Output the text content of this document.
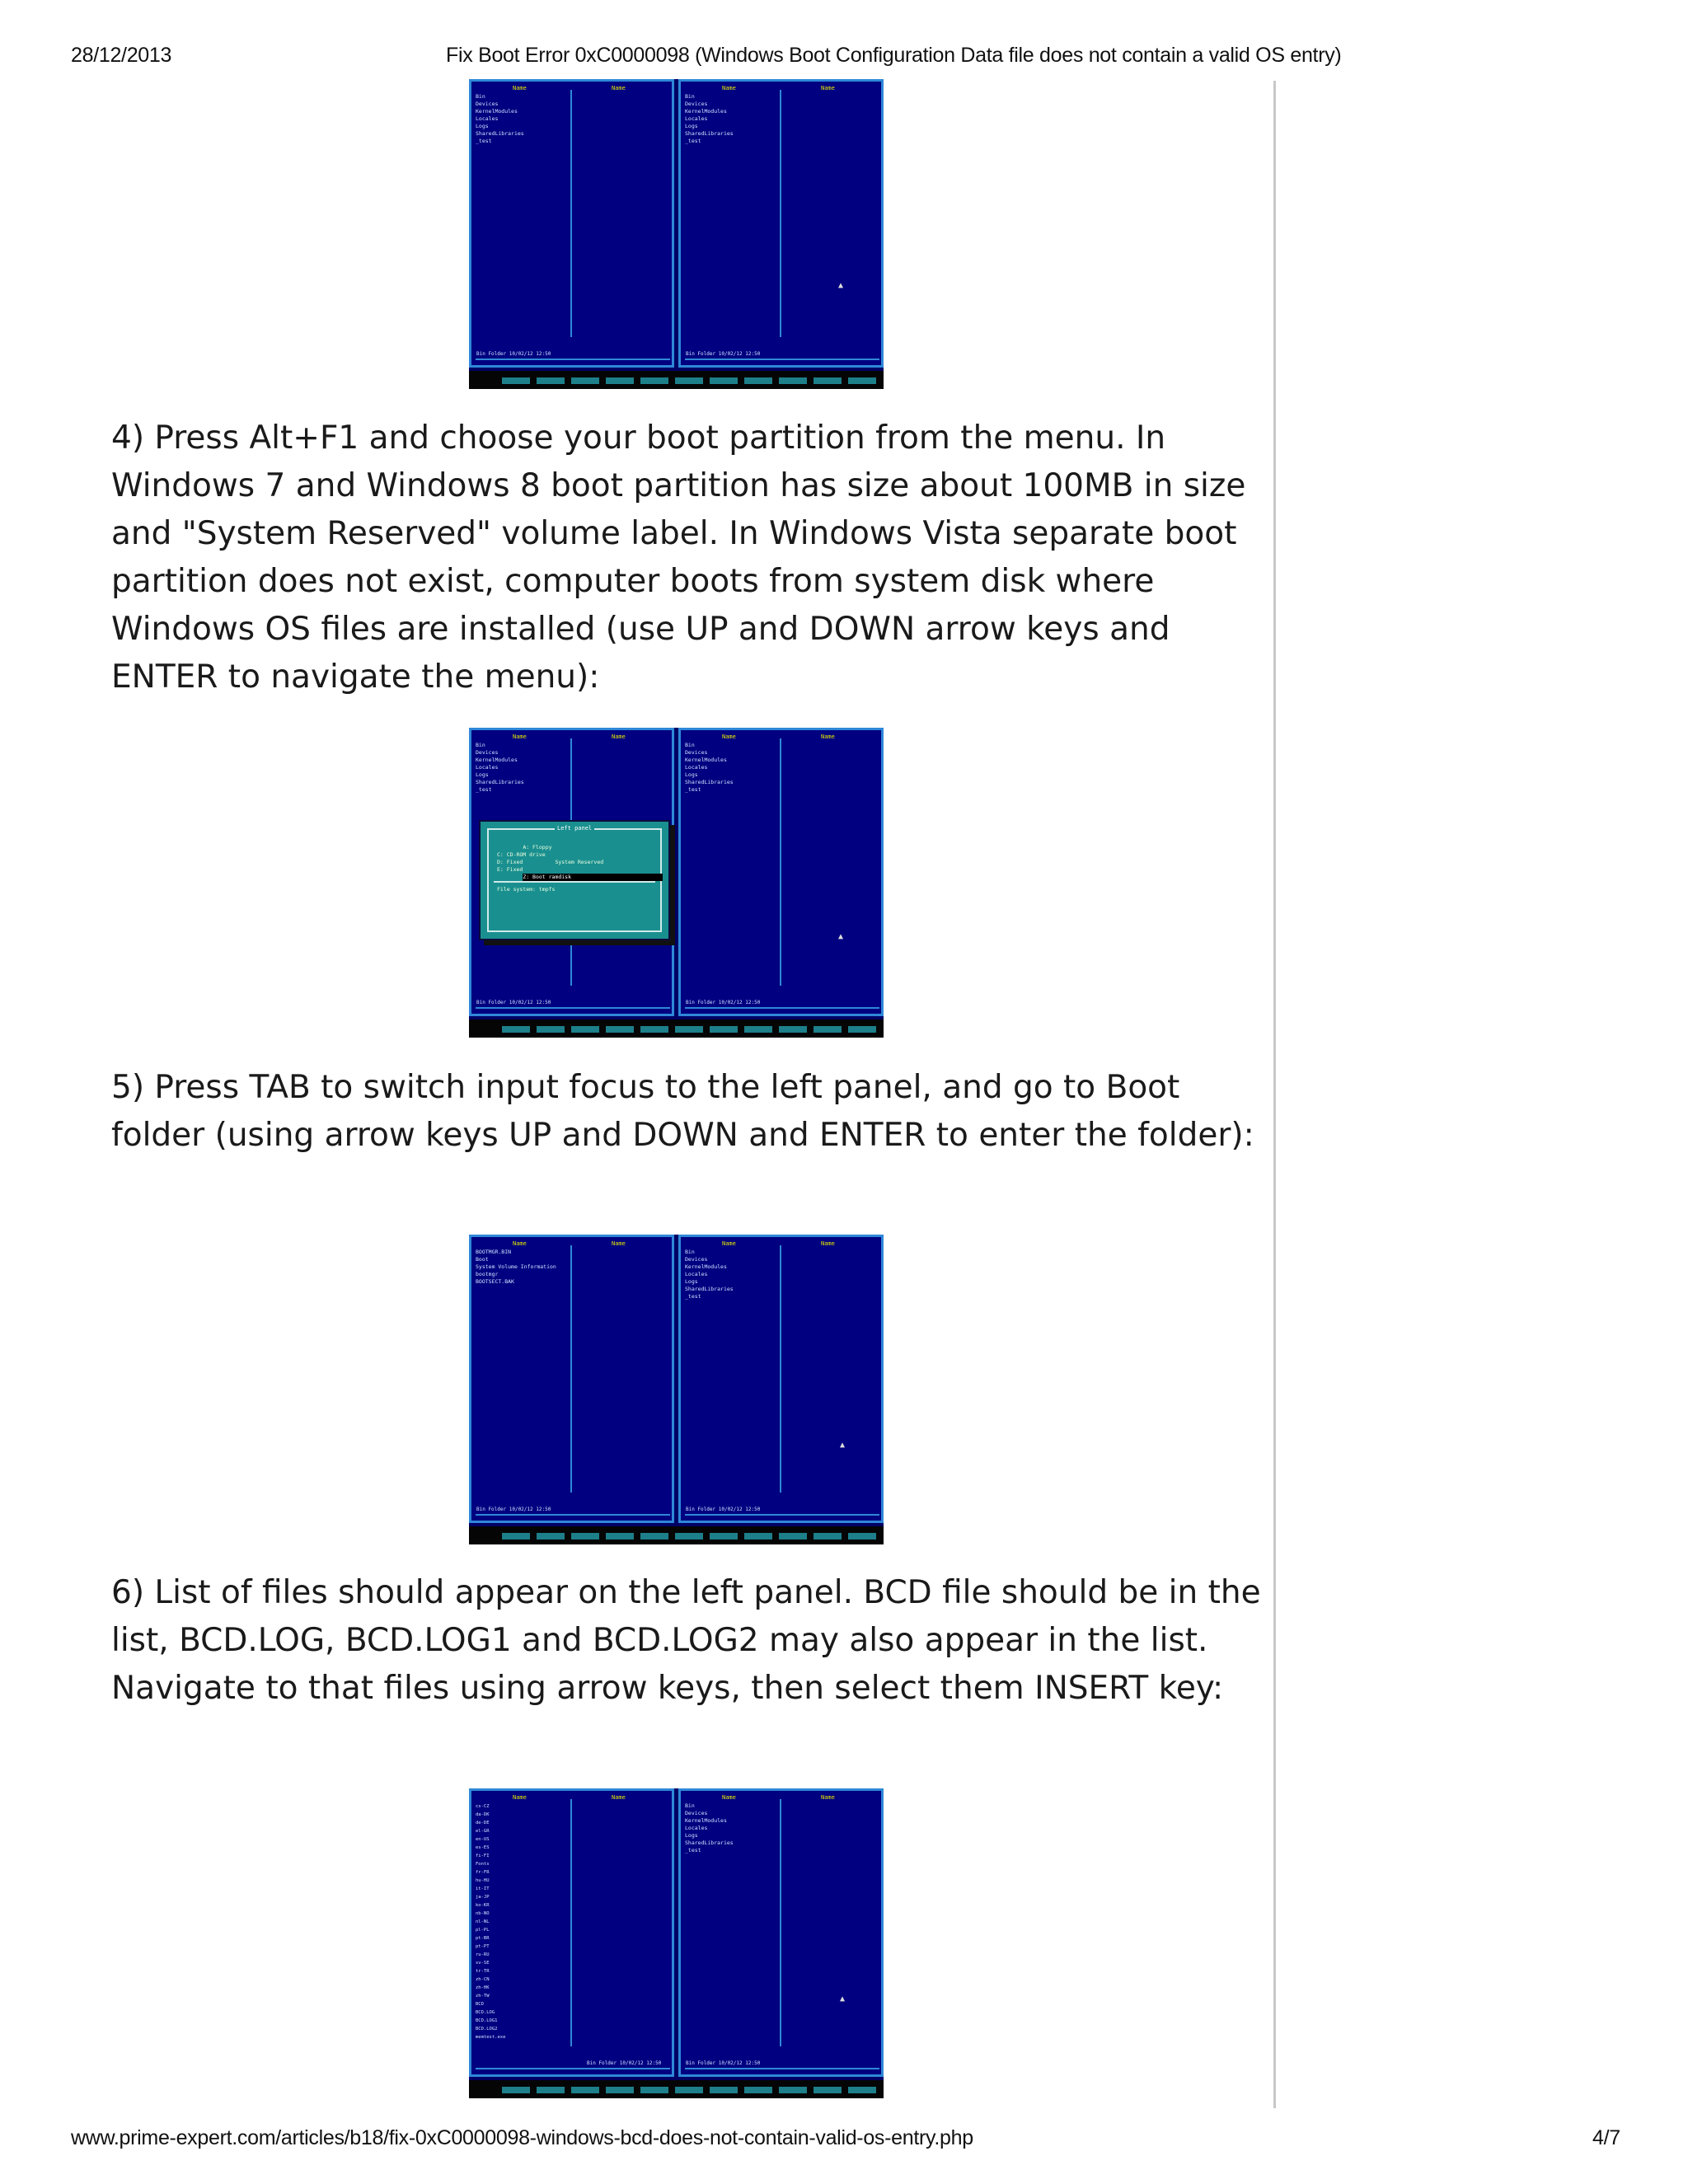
28/12/2013	Fix Boot Error 0xC0000098 (Windows Boot Configuration Data file does not contain a valid OS entry)
Name	Name
Bin
Devices
KernelModules
Locales
Logs
SharedLibraries
_test
Bin Folder 10/02/12 12:50
Name	Name
Bin
Devices
KernelModules
Locales
Logs
SharedLibraries
_test
Bin Folder 10/02/12 12:50
▲

4) Press Alt+F1 and choose your boot partition from the menu. In Windows 7 and Windows 8 boot partition has size about 100MB in size and "System Reserved" volume label. In Windows Vista separate boot partition does not exist, computer boots from system disk where Windows OS files are installed (use UP and DOWN arrow keys and ENTER to navigate the menu):

Name	Name
Bin
Devices
KernelModules
Locales
Logs
SharedLibraries
_test
Bin Folder 10/02/12 12:50
Name	Name
Bin
Devices
KernelModules
Locales
Logs
SharedLibraries
_test
Bin Folder 10/02/12 12:50
Left panel

A: Floppy
C: CD-ROM drive
D: Fixed          System Reserved
E: Fixed
Z: Boot ramdisk

File system: tmpfs
▲

5) Press TAB to switch input focus to the left panel, and go to Boot folder (using arrow keys UP and DOWN and ENTER to enter the folder):

Name	Name
BOOTMGR.BIN
Boot
System Volume Information
bootmgr
BOOTSECT.BAK
Bin Folder 10/02/12 12:50
Name	Name
Bin
Devices
KernelModules
Locales
Logs
SharedLibraries
_test
Bin Folder 10/02/12 12:50
▲

6) List of files should appear on the left panel. BCD file should be in the list, BCD.LOG, BCD.LOG1 and BCD.LOG2 may also appear in the list. Navigate to that files using arrow keys, then select them INSERT key:

Name	Name
cs-CZ
da-DK
de-DE
el-GR
en-US
es-ES
fi-FI
Fonts
fr-FR
hu-HU
it-IT
ja-JP
ko-KR
nb-NO
nl-NL
pl-PL
pt-BR
pt-PT
ru-RU
sv-SE
tr-TR
zh-CN
zh-HK
zh-TW
BCD
BCD.LOG
BCD.LOG1
BCD.LOG2
memtest.exe
Bin Folder 10/02/12 12:50
Name	Name
Bin
Devices
KernelModules
Locales
Logs
SharedLibraries
_test
Bin Folder 10/02/12 12:50
▲
www.prime-expert.com/articles/b18/fix-0xC0000098-windows-bcd-does-not-contain-valid-os-entry.php	4/7
